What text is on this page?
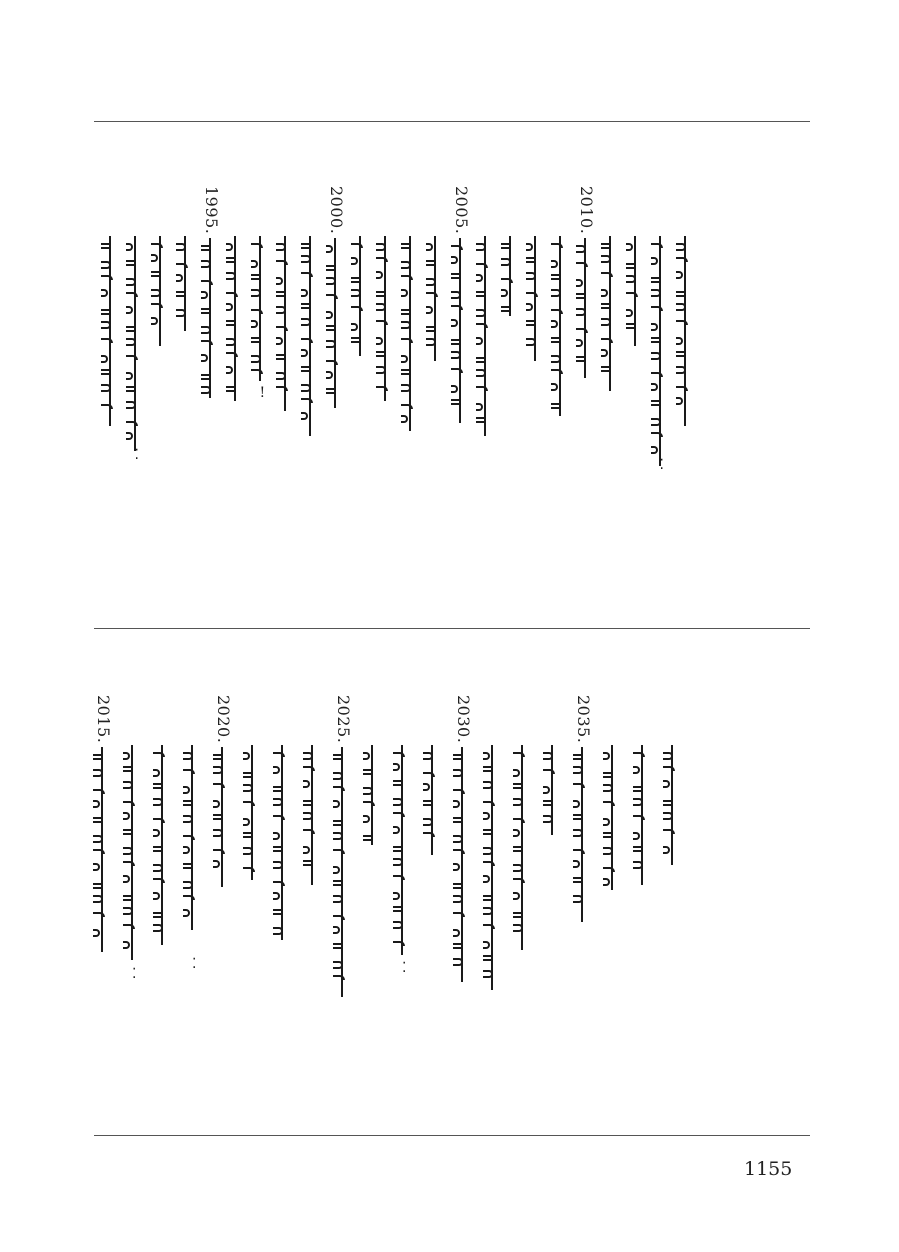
⁚
2010.
2005.
2000.
!
1995.
⁚
2035.
2030.
⁚
2025.
2020.
⁚
⁚
2015.
1155
